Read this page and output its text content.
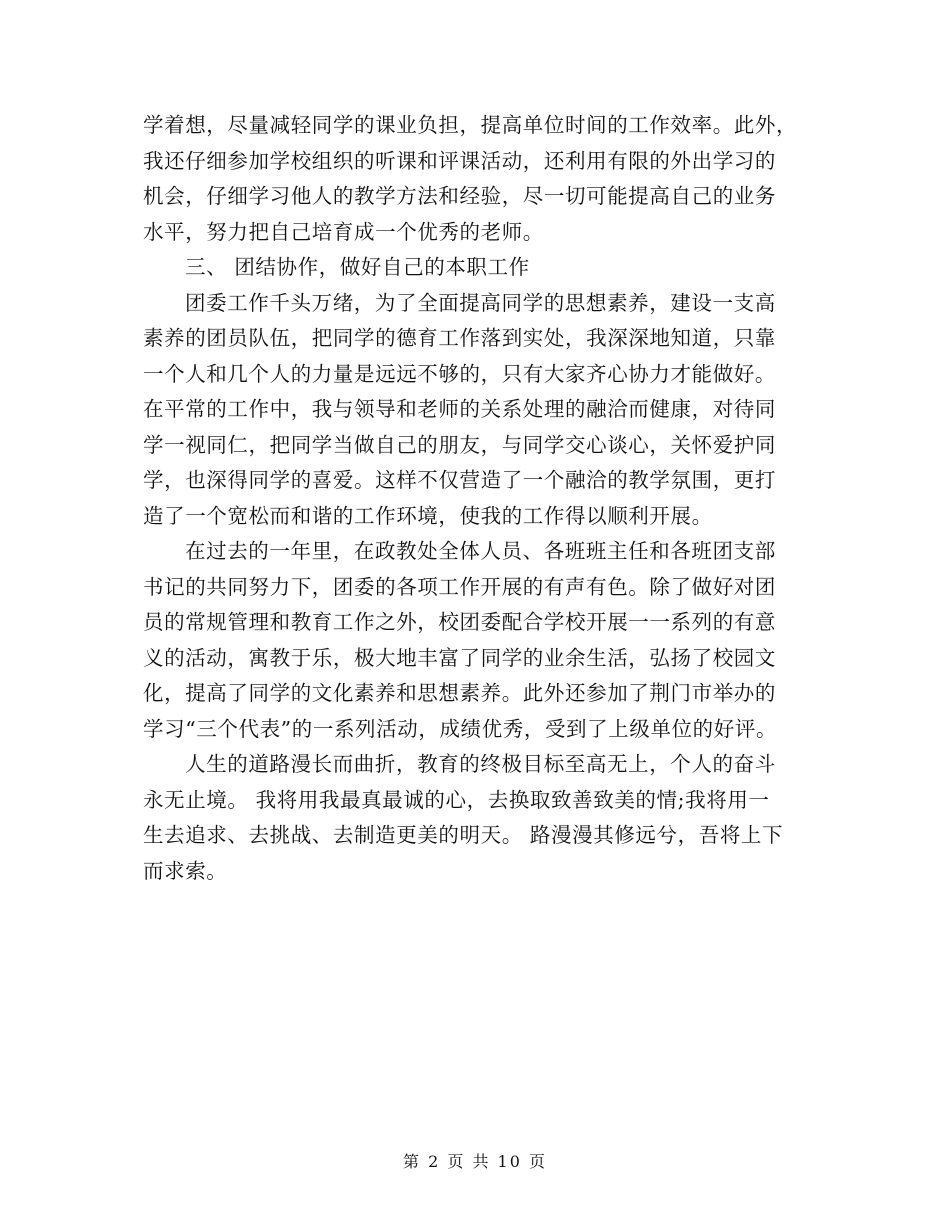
学着想，尽量减轻同学的课业负担，提高单位时间的工作效率。此外，
我还仔细参加学校组织的听课和评课活动，还利用有限的外出学习的
机会，仔细学习他人的教学方法和经验，尽一切可能提高自己的业务
水平，努力把自己培育成一个优秀的老师。
三、 团结协作，做好自己的本职工作
团委工作千头万绪，为了全面提高同学的思想素养，建设一支高
素养的团员队伍，把同学的德育工作落到实处，我深深地知道，只靠
一个人和几个人的力量是远远不够的，只有大家齐心协力才能做好。
在平常的工作中，我与领导和老师的关系处理的融洽而健康，对待同
学一视同仁，把同学当做自己的朋友，与同学交心谈心，关怀爱护同
学，也深得同学的喜爱。这样不仅营造了一个融洽的教学氛围，更打
造了一个宽松而和谐的工作环境，使我的工作得以顺利开展。
在过去的一年里，在政教处全体人员、各班班主任和各班团支部
书记的共同努力下，团委的各项工作开展的有声有色。除了做好对团
员的常规管理和教育工作之外，校团委配合学校开展一一系列的有意
义的活动，寓教于乐，极大地丰富了同学的业余生活，弘扬了校园文
化，提高了同学的文化素养和思想素养。此外还参加了荆门市举办的
学习“三个代表”的一系列活动，成绩优秀，受到了上级单位的好评。
人生的道路漫长而曲折，教育的终极目标至高无上，个人的奋斗
永无止境。 我将用我最真最诚的心，去换取致善致美的情;我将用一
生去追求、去挑战、去制造更美的明天。 路漫漫其修远兮，吾将上下
而求索。
第 2 页 共 10 页
